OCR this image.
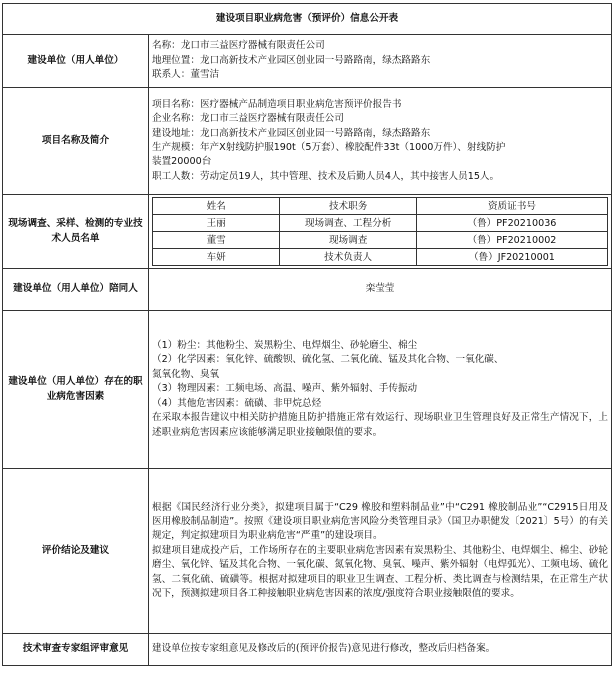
建设项目职业病危害（预评价）信息公开表
建设单位（用人单位）	
名称：龙口市三益医疗器械有限责任公司
地理位置：龙口高新技术产业园区创业园一号路路南，绿杰路路东
联系人：董雪洁

项目名称及简介	
项目名称：医疗器械产品制造项目职业病危害预评价报告书
企业名称：龙口市三益医疗器械有限责任公司
建设地址：龙口高新技术产业园区创业园一号路路南，绿杰路路东
生产规模：年产X射线防护服190t（5万套）、橡胶配件33t（1000万件）、射线防护
装置20000台
职工人数：劳动定员19人，其中管理、技术及后勤人员4人，其中接害人员15人。

现场调查、采样、检测的专业技术人员名单	
姓名	技术职务	资质证书号
王丽	现场调查、工程分析	（鲁）PF20210036
董雪	现场调查	（鲁）PF20210002
车妍	技术负责人	（鲁）JF20210001

建设单位（用人单位）陪同人	栾莹莹
建设单位（用人单位）存在的职业病危害因素	
（1）粉尘：其他粉尘、炭黑粉尘、电焊烟尘、砂轮磨尘、棉尘
（2）化学因素：氧化锌、硫酸钡、硫化氢、二氧化硫、锰及其化合物、一氧化碳、
氮氧化物、臭氧
（3）物理因素：工频电场、高温、噪声、紫外辐射、手传振动
（4）其他危害因素：硫磺、非甲烷总烃
在采取本报告建议中相关防护措施且防护措施正常有效运行、现场职业卫生管理良好及正常生产情况下，上述职业病危害因素应该能够满足职业接触限值的要求。

评价结论及建议	
根据《国民经济行业分类》，拟建项目属于“C29 橡胶和塑料制品业”中“C291 橡胶制品业”“C2915日用及医用橡胶制品制造”。按照《建设项目职业病危害风险分类管理目录》（国卫办职健发〔2021〕5号）的有关规定，判定拟建项目为职业病危害“严重”的建设项目。
拟建项目建成投产后，工作场所存在的主要职业病危害因素有炭黑粉尘、其他粉尘、电焊烟尘、棉尘、砂轮磨尘、氧化锌、锰及其化合物、一氧化碳、氮氧化物、臭氧、噪声、紫外辐射（电焊弧光）、工频电场、硫化氢、二氧化硫、硫磺等。根据对拟建项目的职业卫生调查、工程分析、类比调查与检测结果，在正常生产状况下，预测拟建项目各工种接触职业病危害因素的浓度/强度符合职业接触限值的要求。

技术审查专家组评审意见	建设单位按专家组意见及修改后的(预评价报告)意见进行修改，整改后归档备案。
